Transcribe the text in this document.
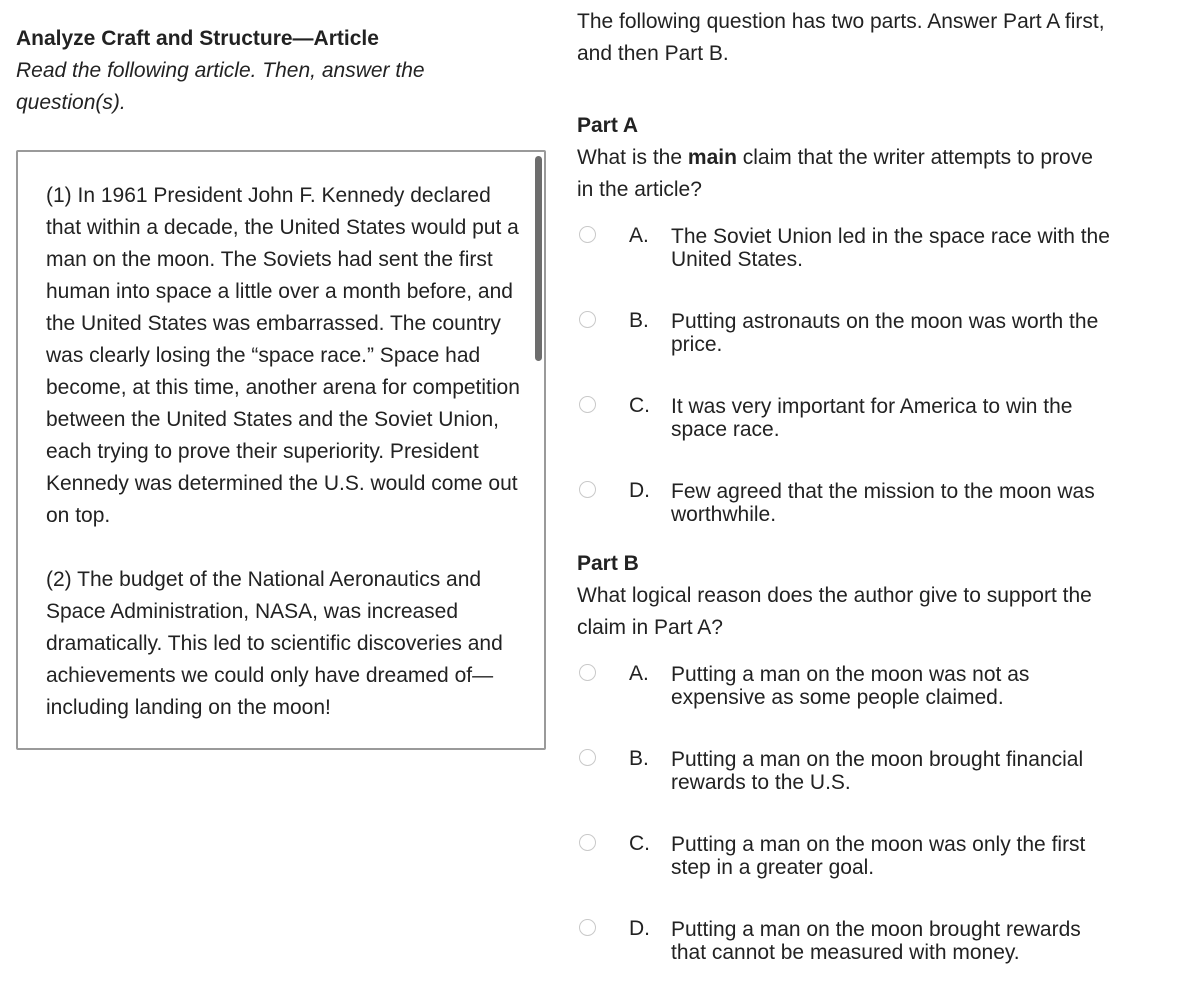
Analyze Craft and Structure—Article

Read the following article. Then, answer the question(s).

(1) In 1961 President John F. Kennedy declared that within a decade, the United States would put a man on the moon. The Soviets had sent the first human into space a little over a month before, and the United States was embarrassed. The country was clearly losing the “space race.” Space had become, at this time, another arena for competition between the United States and the Soviet Union, each trying to prove their superiority. President Kennedy was determined the U.S. would come out on top.

(2) The budget of the National Aeronautics and Space Administration, NASA, was increased dramatically. This led to scientific discoveries and achievements we could only have dreamed of—including landing on the moon!

The following question has two parts. Answer Part A first, and then Part B.

Part A

What is the main claim that the writer attempts to prove in the article?

A. The Soviet Union led in the space race with the United States.
B. Putting astronauts on the moon was worth the price.
C. It was very important for America to win the space race.
D. Few agreed that the mission to the moon was worthwhile.

Part B

What logical reason does the author give to support the claim in Part A?

A. Putting a man on the moon was not as expensive as some people claimed.
B. Putting a man on the moon brought financial rewards to the U.S.
C. Putting a man on the moon was only the first step in a greater goal.
D. Putting a man on the moon brought rewards that cannot be measured with money.
